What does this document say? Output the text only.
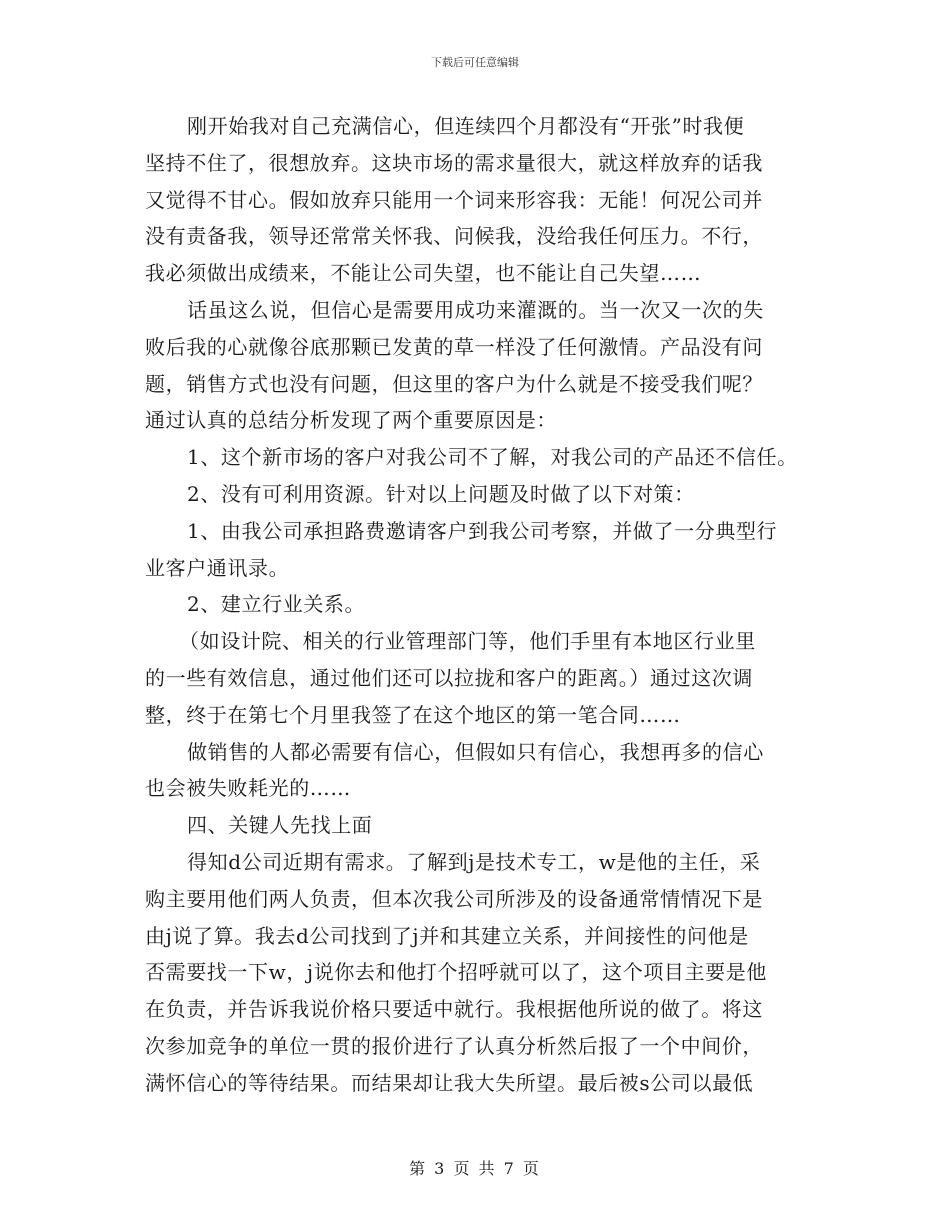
下载后可任意编辑
刚开始我对自己充满信心，但连续四个月都没有“开张”时我便
坚持不住了，很想放弃。这块市场的需求量很大，就这样放弃的话我
又觉得不甘心。假如放弃只能用一个词来形容我：无能！何况公司并
没有责备我，领导还常常关怀我、问候我，没给我任何压力。不行，
我必须做出成绩来，不能让公司失望，也不能让自己失望……
话虽这么说，但信心是需要用成功来灌溉的。当一次又一次的失
败后我的心就像谷底那颗已发黄的草一样没了任何激情。产品没有问
题，销售方式也没有问题，但这里的客户为什么就是不接受我们呢？
通过认真的总结分析发现了两个重要原因是：
1、这个新市场的客户对我公司不了解，对我公司的产品还不信任。
2、没有可利用资源。针对以上问题及时做了以下对策：
1、由我公司承担路费邀请客户到我公司考察，并做了一分典型行
业客户通讯录。
2、建立行业关系。
（如设计院、相关的行业管理部门等，他们手里有本地区行业里
的一些有效信息，通过他们还可以拉拢和客户的距离。）通过这次调
整，终于在第七个月里我签了在这个地区的第一笔合同……
做销售的人都必需要有信心，但假如只有信心，我想再多的信心
也会被失败耗光的……
四、关键人先找上面
得知d公司近期有需求。了解到j是技术专工，w是他的主任，采
购主要用他们两人负责，但本次我公司所涉及的设备通常情情况下是
由j说了算。我去d公司找到了j并和其建立关系，并间接性的问他是
否需要找一下w，j说你去和他打个招呼就可以了，这个项目主要是他
在负责，并告诉我说价格只要适中就行。我根据他所说的做了。将这
次参加竞争的单位一贯的报价进行了认真分析然后报了一个中间价，
满怀信心的等待结果。而结果却让我大失所望。最后被s公司以最低
第 3 页 共 7 页
